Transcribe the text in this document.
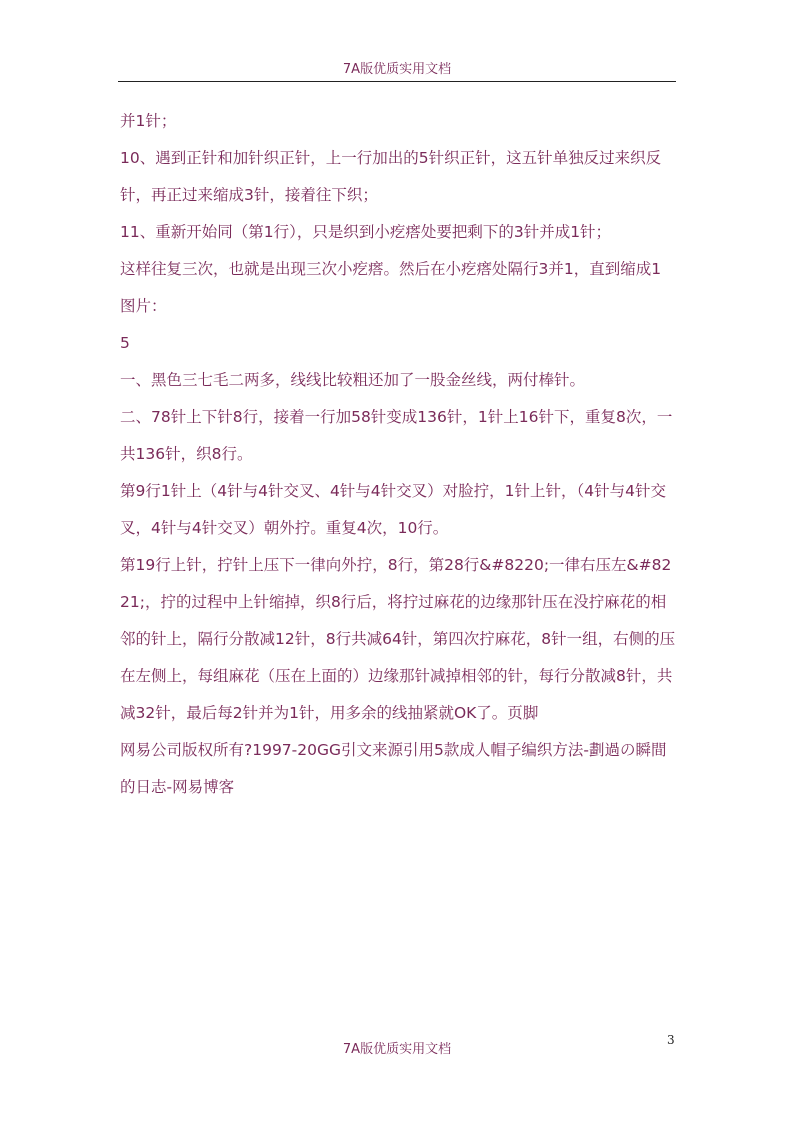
7A版优质实用文档

并1针；

10、遇到正针和加针织正针，上一行加出的5针织正针，这五针单独反过来织反针，再正过来缩成3针，接着往下织；

11、重新开始同（第1行），只是织到小疙瘩处要把剩下的3针并成1针；

这样往复三次，也就是出现三次小疙瘩。然后在小疙瘩处隔行3并1，直到缩成1图片：

5

一、黑色三七毛二两多，线线比较粗还加了一股金丝线，两付棒针。

二、78针上下针8行，接着一行加58针变成136针，1针上16针下，重复8次，一共136针，织8行。

第9行1针上（4针与4针交叉、4针与4针交叉）对脸拧，1针上针，（4针与4针交叉，4针与4针交叉）朝外拧。重复4次，10行。

第19行上针，拧针上压下一律向外拧，8行，第28行&#8220;一律右压左&#8221;，拧的过程中上针缩掉，织8行后，将拧过麻花的边缘那针压在没拧麻花的相邻的针上，隔行分散减12针，8行共减64针，第四次拧麻花，8针一组，右侧的压在左侧上，每组麻花（压在上面的）边缘那针减掉相邻的针，每行分散减8针，共减32针，最后每2针并为1针，用多余的线抽紧就OK了。页脚

网易公司版权所有?1997-20GG引文来源引用5款成人帽子编织方法-劃過の瞬間的日志-网易博客

3
7A版优质实用文档
